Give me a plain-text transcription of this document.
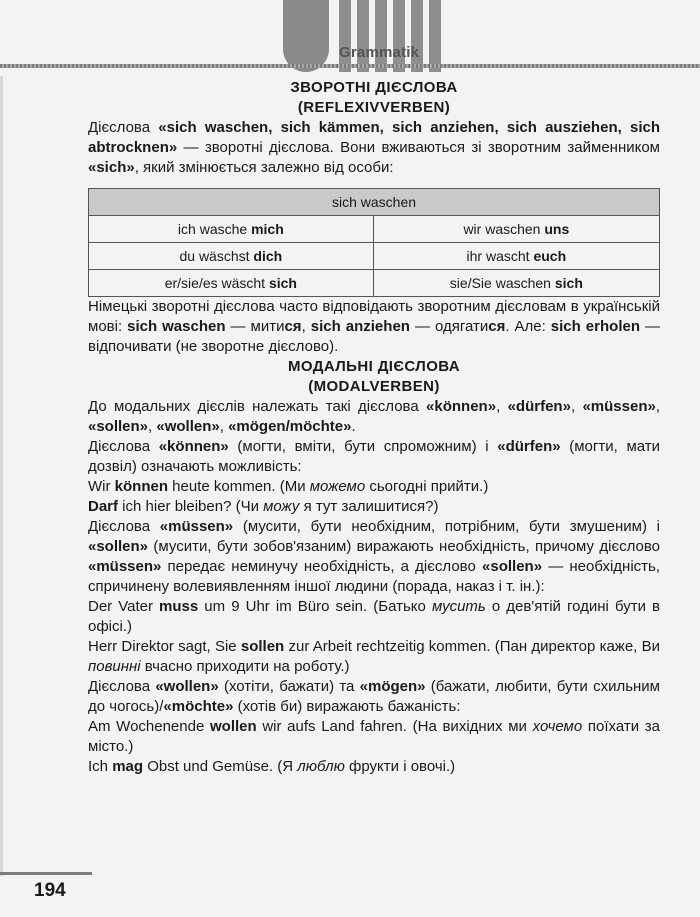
Grammatik

ЗВОРОТНІ ДІЄСЛОВА

(REFLEXIVVERBEN)

Дієслова «sich waschen, sich kämmen, sich anziehen, sich ausziehen, sich abtrocknen» — зворотні дієслова. Вони вживаються зі зворотним займенником «sich», який змінюється залежно від особи:

sich waschen	
ich wasche mich	wir waschen uns
du wäschst dich	ihr wascht euch
er/sie/es wäscht sich	sie/Sie waschen sich

Німецькі зворотні дієслова часто відповідають зворотним дієсловам в українській мові: sich waschen — митися, sich anziehen — одягатися. Але: sich erholen — відпочивати (не зворотне дієслово).

МОДАЛЬНІ ДІЄСЛОВА

(MODALVERBEN)

До модальних дієслів належать такі дієслова «können», «dürfen», «müssen», «sollen», «wollen», «mögen/möchte».

Дієслова «können» (могти, вміти, бути спроможним) і «dürfen» (могти, мати дозвіл) означають можливість:

Wir können heute kommen. (Ми можемо сьогодні прийти.)

Darf ich hier bleiben? (Чи можу я тут залишитися?)

Дієслова «müssen» (мусити, бути необхідним, потрібним, бути змушеним) і «sollen» (мусити, бути зобов'язаним) виражають необхідність, причому дієслово «müssen» передає неминучу необхідність, а дієслово «sollen» — необхідність, спричинену волевиявленням іншої людини (порада, наказ і т. ін.):

Der Vater muss um 9 Uhr im Büro sein. (Батько мусить о дев'ятій годині бути в офісі.)

Herr Direktor sagt, Sie sollen zur Arbeit rechtzeitig kommen. (Пан директор каже, Ви повинні вчасно приходити на роботу.)

Дієслова «wollen» (хотіти, бажати) та «mögen» (бажати, любити, бути схильним до чогось)/«möchte» (хотів би) виражають бажаність:

Am Wochenende wollen wir aufs Land fahren. (На вихідних ми хочемо поїхати за місто.)

Ich mag Obst und Gemüse. (Я люблю фрукти і овочі.)

194
